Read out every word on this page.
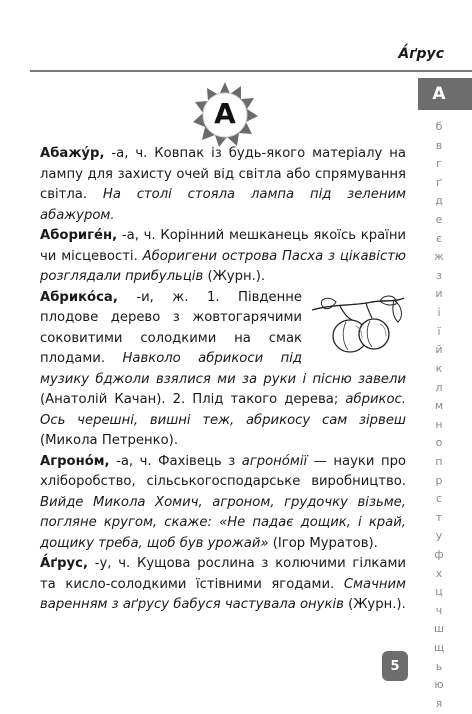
А́ґрус
А

Абажу́р, -а, ч. Ковпак із будь-якого матеріалу на лампу для захисту очей від світла або спрямування світла. На столі стояла лампа під зеленим абажуром.

Абориге́н, -а, ч. Корінний мешканець якоїсь країни чи місцевості. Аборигени острова Пасха з цікавістю розглядали прибульців (Журн.).

Абрико́са, -и, ж. 1. Південне плодове дерево з жовтогарячими соковитими солодкими на смак плодами. Навколо абрикоси під музику бджоли взялися ми за руки і пісню завели (Анатолій Качан). 2. Плід такого дерева; абрикос. Ось черешні, вишні теж, абрикосу сам зірвеш (Микола Петренко).

Агроно́м, -а, ч. Фахівець з агроно́мії — науки про хліборобство, сільськогосподарське виробництво. Вийде Микола Хомич, агроном, грудочку візьме, погляне кругом, скаже: «Не падає дощик, і край, дощику треба, щоб був урожай» (Ігор Муратов).

А́ґрус, -у, ч. Кущова рослина з колючими гілками та кисло-солодкими їстівними ягодами. Смачним варенням з аґрусу бабуся частувала онуків (Журн.).

А
б
в
г
ґ
д
е
є
ж
з
и
і
ї
й
к
л
м
н
о
п
р
с
т
у
ф
х
ц
ч
ш
щ
ь
ю
я
5
